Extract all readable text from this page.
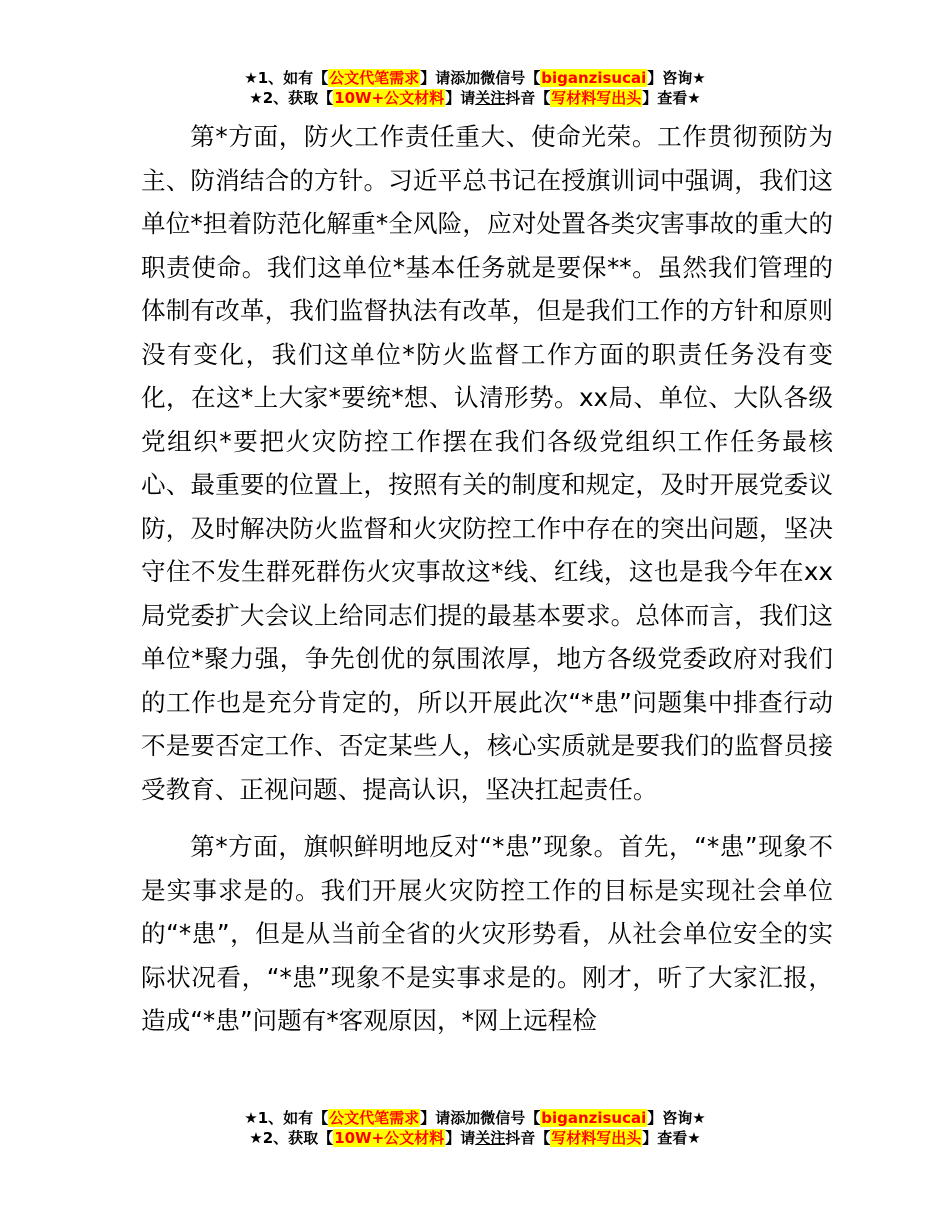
★1、如有【公文代笔需求】请添加微信号【biganzisucai】咨询★
★2、获取【10W+公文材料】请关注抖音【写材料写出头】查看★

第*方面，防火工作责任重大、使命光荣。工作贯彻预防为主、防消结合的方针。习近平总书记在授旗训词中强调，我们这单位*担着防范化解重*全风险，应对处置各类灾害事故的重大的职责使命。我们这单位*基本任务就是要保**。虽然我们管理的体制有改革，我们监督执法有改革，但是我们工作的方针和原则没有变化，我们这单位*防火监督工作方面的职责任务没有变化，在这*上大家*要统*想、认清形势。xx局、单位、大队各级党组织*要把火灾防控工作摆在我们各级党组织工作任务最核心、最重要的位置上，按照有关的制度和规定，及时开展党委议防，及时解决防火监督和火灾防控工作中存在的突出问题，坚决守住不发生群死群伤火灾事故这*线、红线，这也是我今年在xx局党委扩大会议上给同志们提的最基本要求。总体而言，我们这单位*聚力强，争先创优的氛围浓厚，地方各级党委政府对我们的工作也是充分肯定的，所以开展此次“*患”问题集中排查行动不是要否定工作、否定某些人，核心实质就是要我们的监督员接受教育、正视问题、提高认识，坚决扛起责任。

第*方面，旗帜鲜明地反对“*患”现象。首先，“*患”现象不是实事求是的。我们开展火灾防控工作的目标是实现社会单位的“*患”，但是从当前全省的火灾形势看，从社会单位安全的实际状况看，“*患”现象不是实事求是的。刚才，听了大家汇报，造成“*患”问题有*客观原因，*网上远程检

★1、如有【公文代笔需求】请添加微信号【biganzisucai】咨询★
★2、获取【10W+公文材料】请关注抖音【写材料写出头】查看★
